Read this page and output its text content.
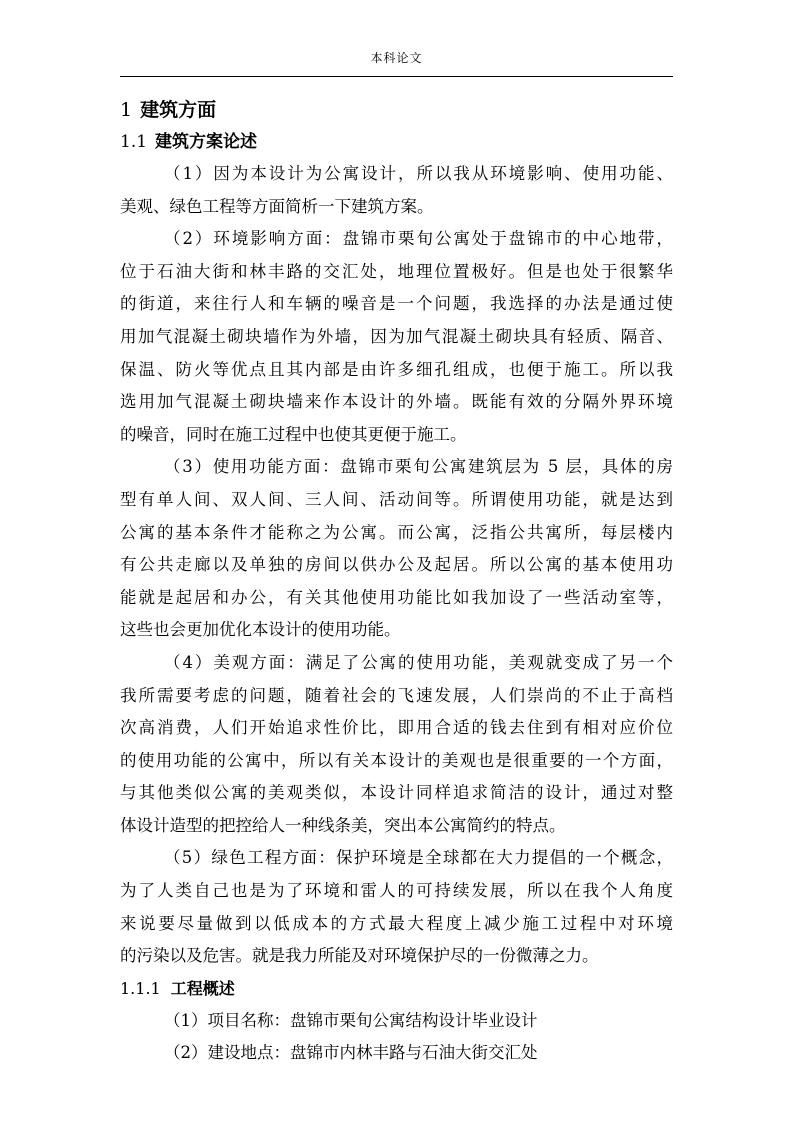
本科论文
1 建筑方面
1.1 建筑方案论述
（1）因为本设计为公寓设计，所以我从环境影响、使用功能、
美观、绿色工程等方面简析一下建筑方案。
（2）环境影响方面：盘锦市栗旬公寓处于盘锦市的中心地带，
位于石油大街和林丰路的交汇处，地理位置极好。但是也处于很繁华
的街道，来往行人和车辆的噪音是一个问题，我选择的办法是通过使
用加气混凝土砌块墙作为外墙，因为加气混凝土砌块具有轻质、隔音、
保温、防火等优点且其内部是由许多细孔组成，也便于施工。所以我
选用加气混凝土砌块墙来作本设计的外墙。既能有效的分隔外界环境
的噪音，同时在施工过程中也使其更便于施工。
（3）使用功能方面：盘锦市栗旬公寓建筑层为 5 层，具体的房
型有单人间、双人间、三人间、活动间等。所谓使用功能，就是达到
公寓的基本条件才能称之为公寓。而公寓，泛指公共寓所，每层楼内
有公共走廊以及单独的房间以供办公及起居。所以公寓的基本使用功
能就是起居和办公，有关其他使用功能比如我加设了一些活动室等，
这些也会更加优化本设计的使用功能。
（4）美观方面：满足了公寓的使用功能，美观就变成了另一个
我所需要考虑的问题，随着社会的飞速发展，人们崇尚的不止于高档
次高消费，人们开始追求性价比，即用合适的钱去住到有相对应价位
的使用功能的公寓中，所以有关本设计的美观也是很重要的一个方面，
与其他类似公寓的美观类似，本设计同样追求简洁的设计，通过对整
体设计造型的把控给人一种线条美，突出本公寓简约的特点。
（5）绿色工程方面：保护环境是全球都在大力提倡的一个概念，
为了人类自己也是为了环境和雷人的可持续发展，所以在我个人角度
来说要尽量做到以低成本的方式最大程度上减少施工过程中对环境
的污染以及危害。就是我力所能及对环境保护尽的一份微薄之力。
1.1.1 工程概述
（1）项目名称：盘锦市栗旬公寓结构设计毕业设计
（2）建设地点：盘锦市内林丰路与石油大街交汇处
